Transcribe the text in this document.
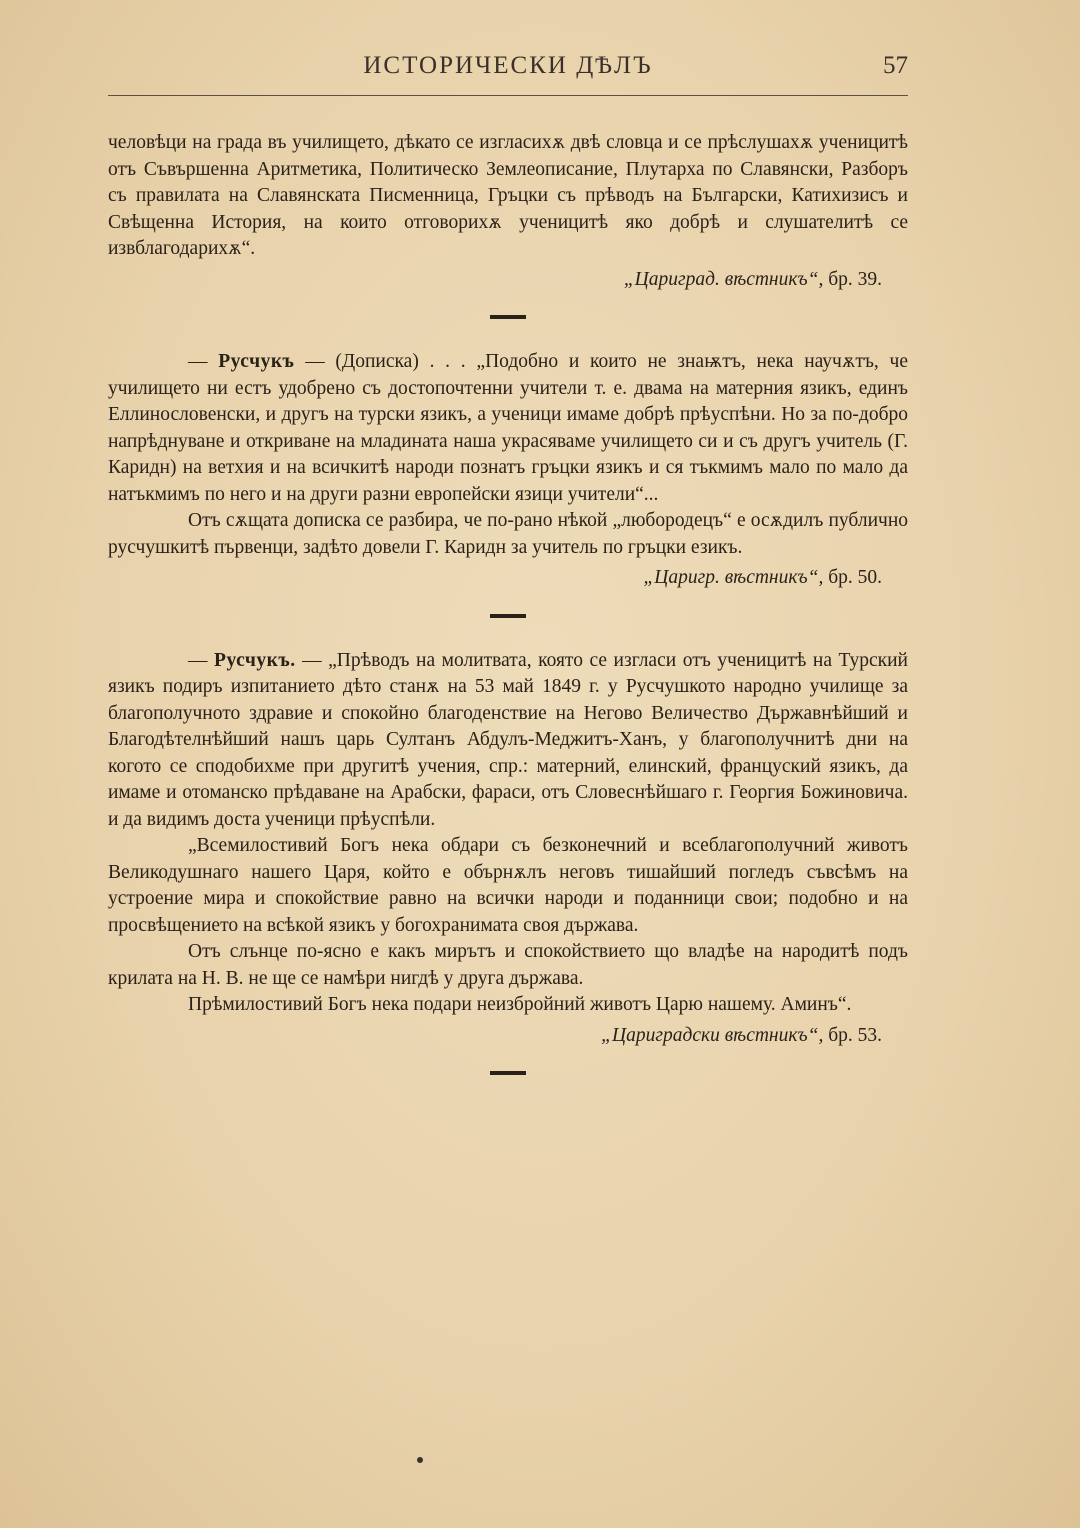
ИСТОРИЧЕСКИ ДѢЛЪ	57

человѣци на града въ училището, дѣкато се изгласихѫ двѣ словца и се прѣслушахѫ ученицитѣ отъ Съвършенна Аритметика, Политическо Землеописание, Плутарха по Славянски, Разборъ съ правилата на Славянската Писменница, Гръцки съ прѣводъ на Български, Катихизисъ и Свѣщенна История, на които отговорихѫ ученицитѣ яко добрѣ и слушателитѣ се извблагодарихѫ“.

„Цариград. вѣстникъ“, бр. 39.

— Русчукъ — (Дописка) . . . „Подобно и които не знаѭтъ, нека научѫтъ, че училището ни естъ удобрено съ достопочтенни учители т. е. двама на матерния язикъ, единъ Еллинословенски, и другъ на турски язикъ, а ученици имаме добрѣ прѣуспѣни. Но за по-добро напрѣднуване и откриване на младината наша украсяваме училището си и съ другъ учитель (Г. Каридн) на ветхия и на всичкитѣ народи познатъ гръцки язикъ и ся тъкмимъ мало по мало да натъкмимъ по него и на други разни европейски язици учители“...

Отъ сѫщата дописка се разбира, че по-рано нѣкой „любородецъ“ е осѫдилъ публично русчушкитѣ първенци, задѣто довели Г. Каридн за учитель по гръцки езикъ.

„Царигр. вѣстникъ“, бр. 50.

— Русчукъ. — „Прѣводъ на молитвата, която се изгласи отъ ученицитѣ на Турский язикъ подиръ изпитанието дѣто станѫ на 53 май 1849 г. у Русчушкото народно училище за благополучното здравие и спокойно благоденствие на Негово Величество Държавнѣйший и Благодѣтелнѣйший нашъ царь Султанъ Абдулъ-Меджитъ-Ханъ, у благополучнитѣ дни на когото се сподобихме при другитѣ учения, спр.: матерний, елинский, француский язикъ, да имаме и отоманско прѣдаване на Арабски, фараси, отъ Словеснѣйшаго г. Георгия Божиновича. и да видимъ доста ученици прѣуспѣли.

„Всемилостивий Богъ нека обдари съ безконечний и всеблагополучний животъ Великодушнаго нашего Царя, който е обърнѫлъ неговъ тишайший погледъ съвсѣмъ на устроение мира и спокойствие равно на всички народи и поданници свои; подобно и на просвѣщението на всѣкой язикъ у богохранимата своя държава.

Отъ слънце по-ясно е какъ мирътъ и спокойствието що владѣе на народитѣ подъ крилата на Н. В. не ще се намѣри нигдѣ у друга държава.

Прѣмилостивий Богъ нека подари неизбройний животъ Царю нашему. Аминъ“.

„Цариградски вѣстникъ“, бр. 53.
